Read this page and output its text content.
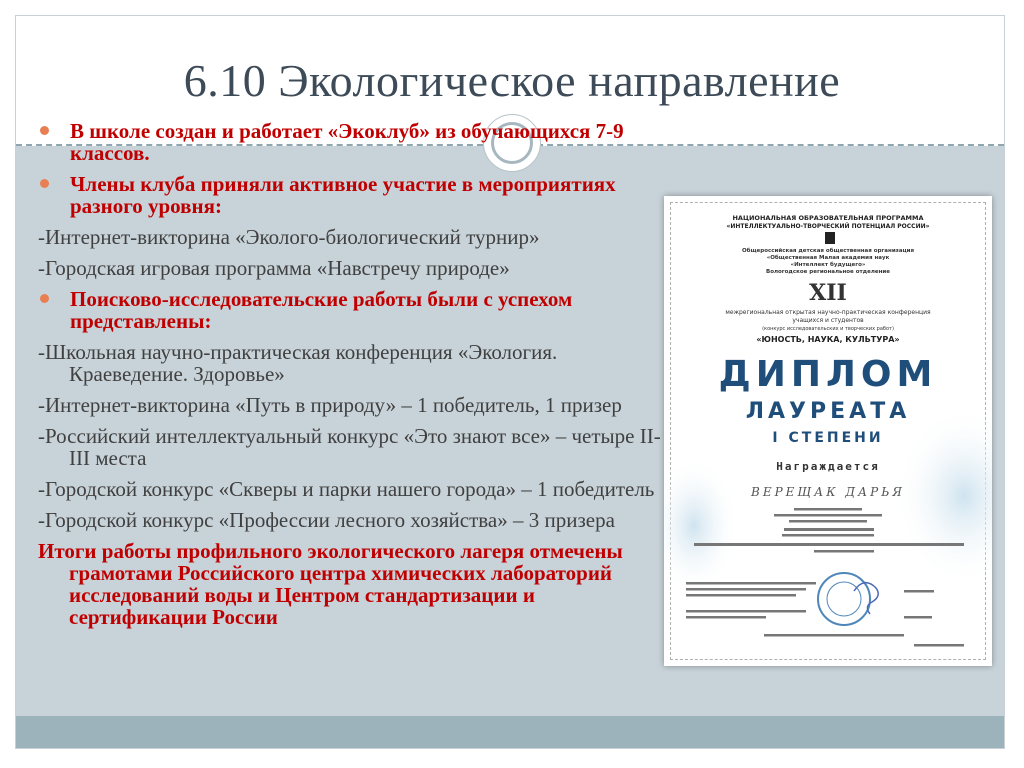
6.10 Экологическое направление
В школе создан и работает «Экоклуб» из обучающихся 7-9 классов.
Члены клуба приняли активное участие в мероприятиях разного уровня:
-Интернет-викторина «Эколого-биологический турнир»
-Городская игровая программа «Навстречу природе»
Поисково-исследовательские работы были с успехом представлены:
-Школьная научно-практическая конференция «Экология. Краеведение. Здоровье»
-Интернет-викторина «Путь в природу» – 1 победитель, 1 призер
-Российский интеллектуальный конкурс «Это знают все» – четыре II-III места
-Городской конкурс «Скверы и парки нашего города» – 1 победитель
-Городской конкурс «Профессии лесного хозяйства» – 3 призера
Итоги работы профильного экологического лагеря отмечены грамотами Российского центра химических лабораторий исследований воды и Центром стандартизации и сертификации России
НАЦИОНАЛЬНАЯ ОБРАЗОВАТЕЛЬНАЯ ПРОГРАММА
«ИНТЕЛЛЕКТУАЛЬНО-ТВОРЧЕСКИЙ ПОТЕНЦИАЛ РОССИИ»
Общероссийская детская общественная организация
«Общественная Малая академия наук
«Интеллект будущего»
Вологодское региональное отделение
XII
межрегиональная открытая научно-практическая конференция
учащихся и студентов
(конкурс исследовательских и творческих работ)
«ЮНОСТЬ, НАУКА, КУЛЬТУРА»
ДИПЛОМ
ЛАУРЕАТА
I СТЕПЕНИ
Награждается
ВЕРЕЩАК ДАРЬЯ
